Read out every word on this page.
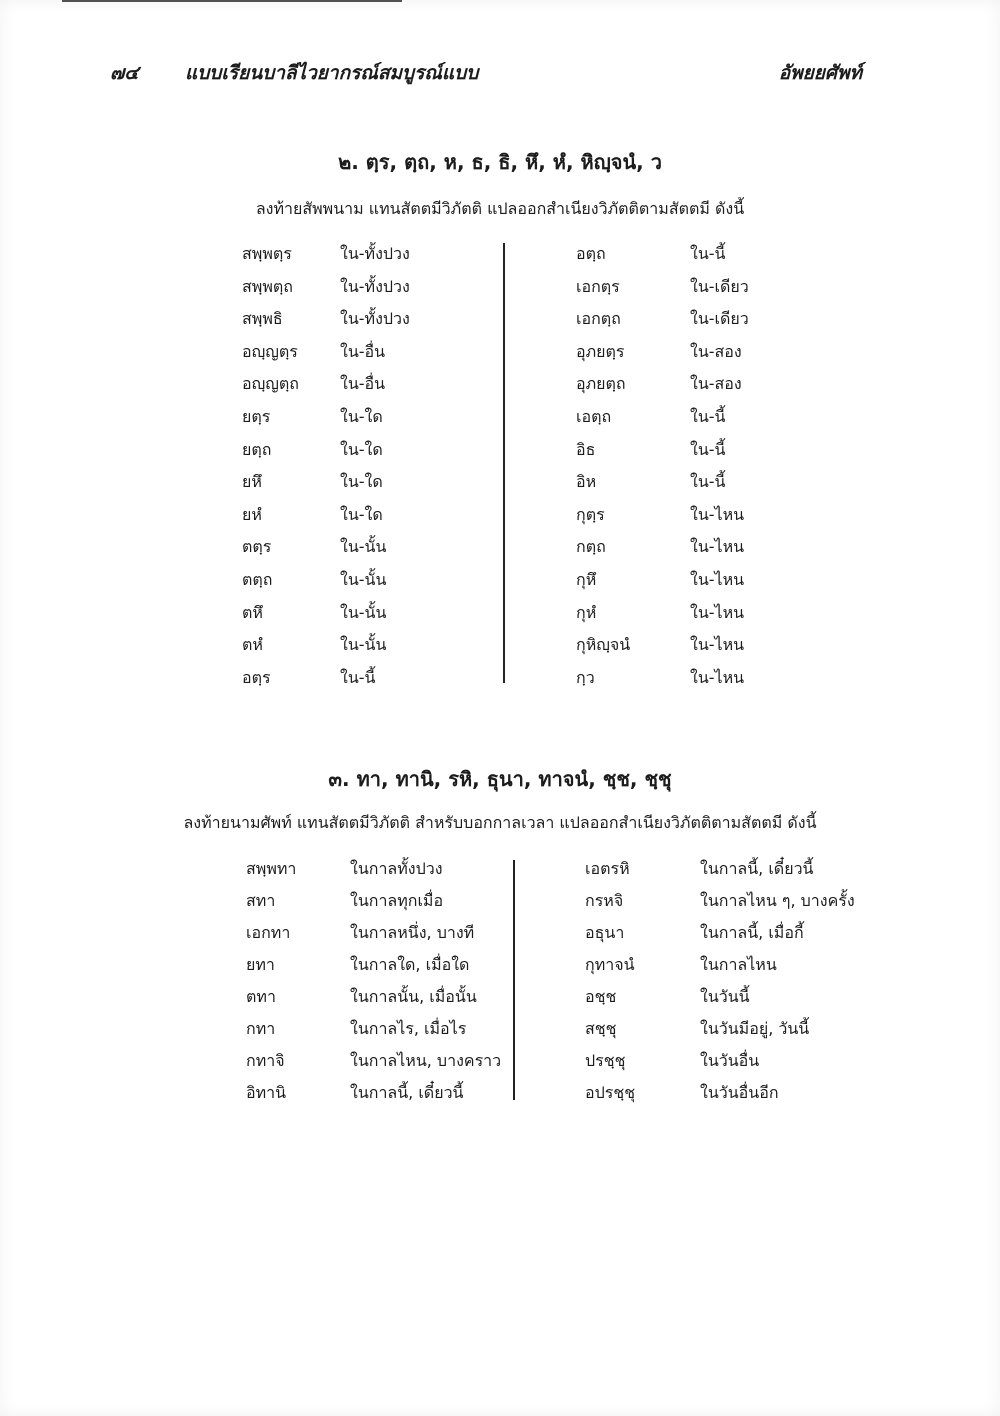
๗๔ แบบเรียนบาลีไวยากรณ์สมบูรณ์แบบ	อัพยยศัพท์
๒. ตฺร, ตฺถ, ห, ธ, ธิ, หึ, หํ, หิญฺจนํ, ว
ลงท้ายสัพพนาม แทนสัตตมีวิภัตติ แปลออกสำเนียงวิภัตติตามสัตตมี ดังนี้
สพฺพตฺร	ใน-ทั้งปวง	อตฺถ	ใน-นี้
สพฺพตฺถ	ใน-ทั้งปวง	เอกตฺร	ใน-เดียว
สพฺพธิ	ใน-ทั้งปวง	เอกตฺถ	ใน-เดียว
อญฺญตฺร	ใน-อื่น	อุภยตฺร	ใน-สอง
อญฺญตฺถ	ใน-อื่น	อุภยตฺถ	ใน-สอง
ยตฺร	ใน-ใด	เอตฺถ	ใน-นี้
ยตฺถ	ใน-ใด	อิธ	ใน-นี้
ยหึ	ใน-ใด	อิห	ใน-นี้
ยหํ	ใน-ใด	กุตฺร	ใน-ไหน
ตตฺร	ใน-นั้น	กตฺถ	ใน-ไหน
ตตฺถ	ใน-นั้น	กุหึ	ใน-ไหน
ตหึ	ใน-นั้น	กุหํ	ใน-ไหน
ตหํ	ใน-นั้น	กุหิญฺจนํ	ใน-ไหน
อตฺร	ใน-นี้	กฺว	ใน-ไหน
๓. ทา, ทานิ, รหิ, ธุนา, ทาจนํ, ชฺช, ชฺชุ
ลงท้ายนามศัพท์ แทนสัตตมีวิภัตติ สำหรับบอกกาลเวลา แปลออกสำเนียงวิภัตติตามสัตตมี ดังนี้
สพฺพทา	ในกาลทั้งปวง	เอตรหิ	ในกาลนี้, เดี๋ยวนี้
สทา	ในกาลทุกเมื่อ	กรหจิ	ในกาลไหน ๆ, บางครั้ง
เอกทา	ในกาลหนึ่ง, บางที	อธุนา	ในกาลนี้, เมื่อกี้
ยทา	ในกาลใด, เมื่อใด	กุทาจนํ	ในกาลไหน
ตทา	ในกาลนั้น, เมื่อนั้น	อชฺช	ในวันนี้
กทา	ในกาลไร, เมื่อไร	สชฺชุ	ในวันมีอยู่, วันนี้
กทาจิ	ในกาลไหน, บางคราว	ปรชฺชุ	ในวันอื่น
อิทานิ	ในกาลนี้, เดี๋ยวนี้	อปรชฺชุ	ในวันอื่นอีก
